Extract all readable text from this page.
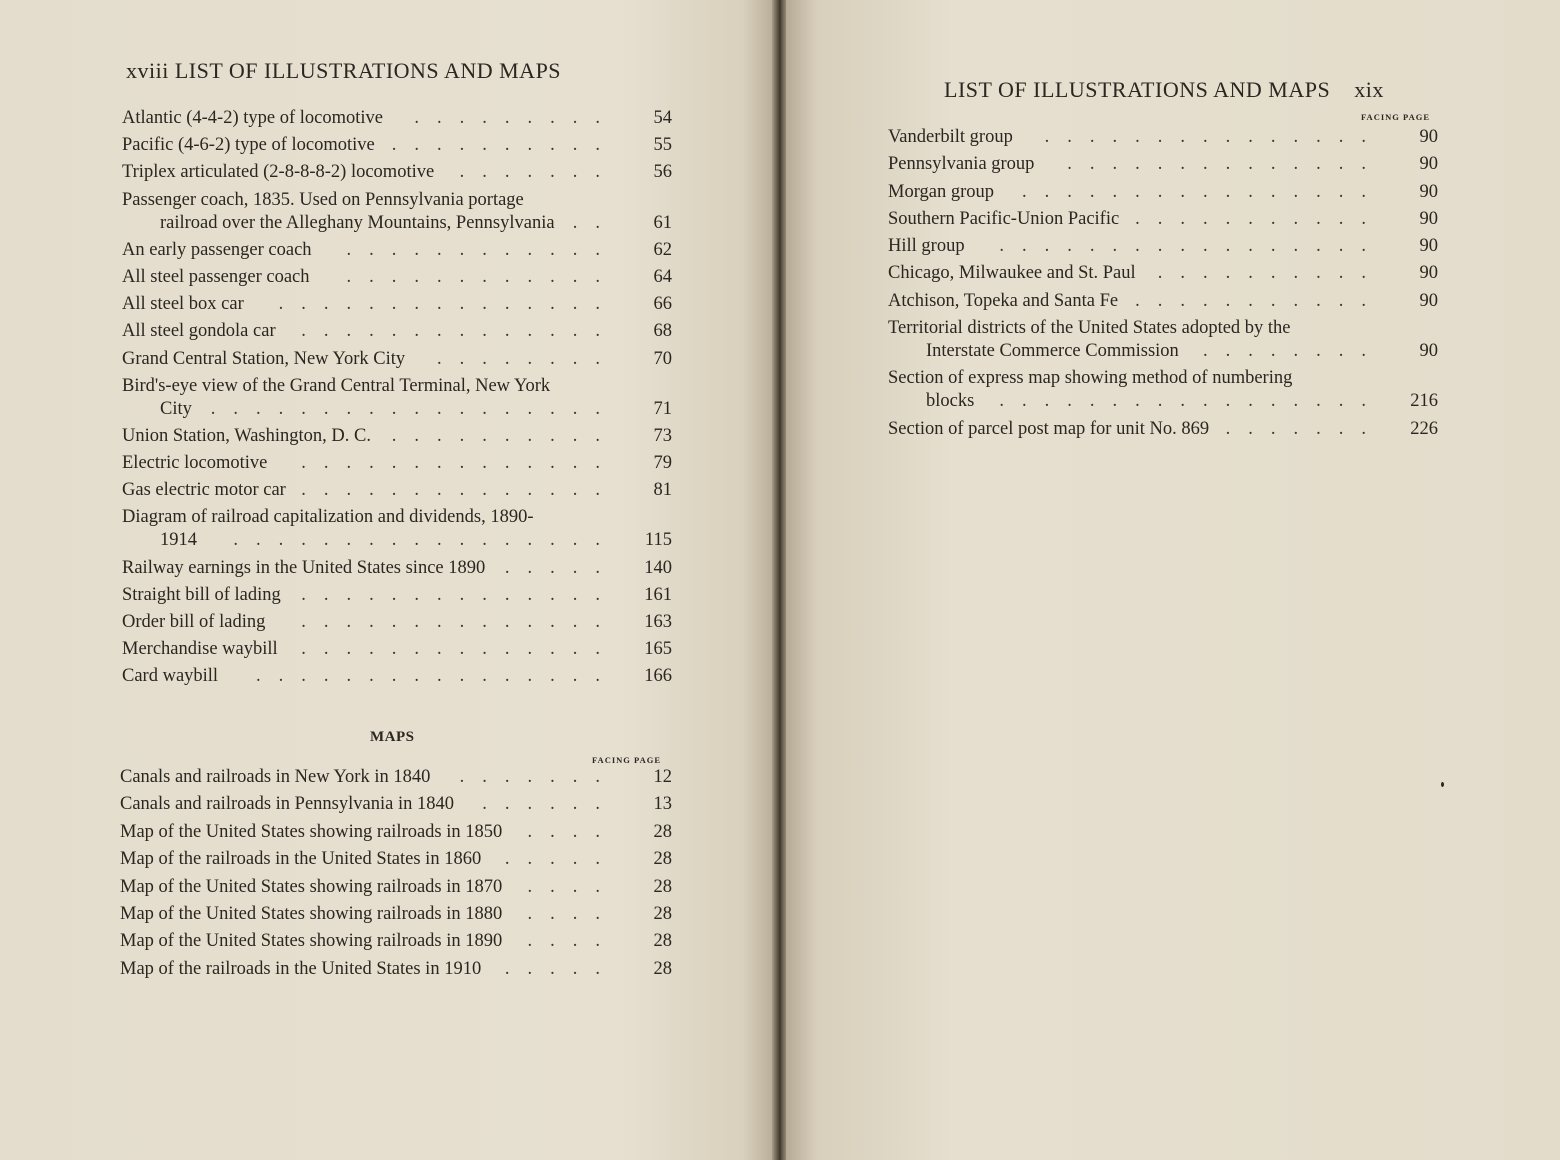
xviii LIST OF ILLUSTRATIONS AND MAPS
Atlantic (4-4-2) type of locomotive .........	54
Pacific (4-6-2) type of locomotive ..........	55
Triplex articulated (2-8-8-8-2) locomotive .......	56
Passenger coach, 1835. Used on Pennsylvania portage
railroad over the Alleghany Mountains, Pennsylvania ..	61
An early passenger coach ............	62
All steel passenger coach ............	64
All steel box car ...............	66
All steel gondola car ..............	68
Grand Central Station, New York City ........	70
Bird's-eye view of the Grand Central Terminal, New York
City	..................	71
Union Station, Washington, D. C. ..........	73
Electric locomotive ..............	79
Gas electric motor car ..............	81
Diagram of railroad capitalization and dividends, 1890-
1914	.................	115
Railway earnings in the United States since 1890 .....	140
Straight bill of lading ..............	161
Order bill of lading ..............	163
Merchandise waybill ..............	165
Card waybill ................	166
MAPS
FACING PAGE
Canals and railroads in New York in 1840 .......	12
Canals and railroads in Pennsylvania in 1840 ......	13
Map of the United States showing railroads in 1850 ....	28
Map of the railroads in the United States in 1860 .....	28
Map of the United States showing railroads in 1870 ....	28
Map of the United States showing railroads in 1880 ....	28
Map of the United States showing railroads in 1890 ....	28
Map of the railroads in the United States in 1910 .....	28
LIST OF ILLUSTRATIONS AND MAPS xix
FACING PAGE
Vanderbilt group ...............	90
Pennsylvania group ..............	90
Morgan group ................	90
Southern Pacific-Union Pacific ...........	90
Hill group .................	90
Chicago, Milwaukee and St. Paul ..........	90
Atchison, Topeka and Santa Fe ...........	90
Territorial districts of the United States adopted by the
Interstate Commerce Commission	........	90
Section of express map showing method of numbering
blocks	.................	216
Section of parcel post map for unit No. 869 .......	226
